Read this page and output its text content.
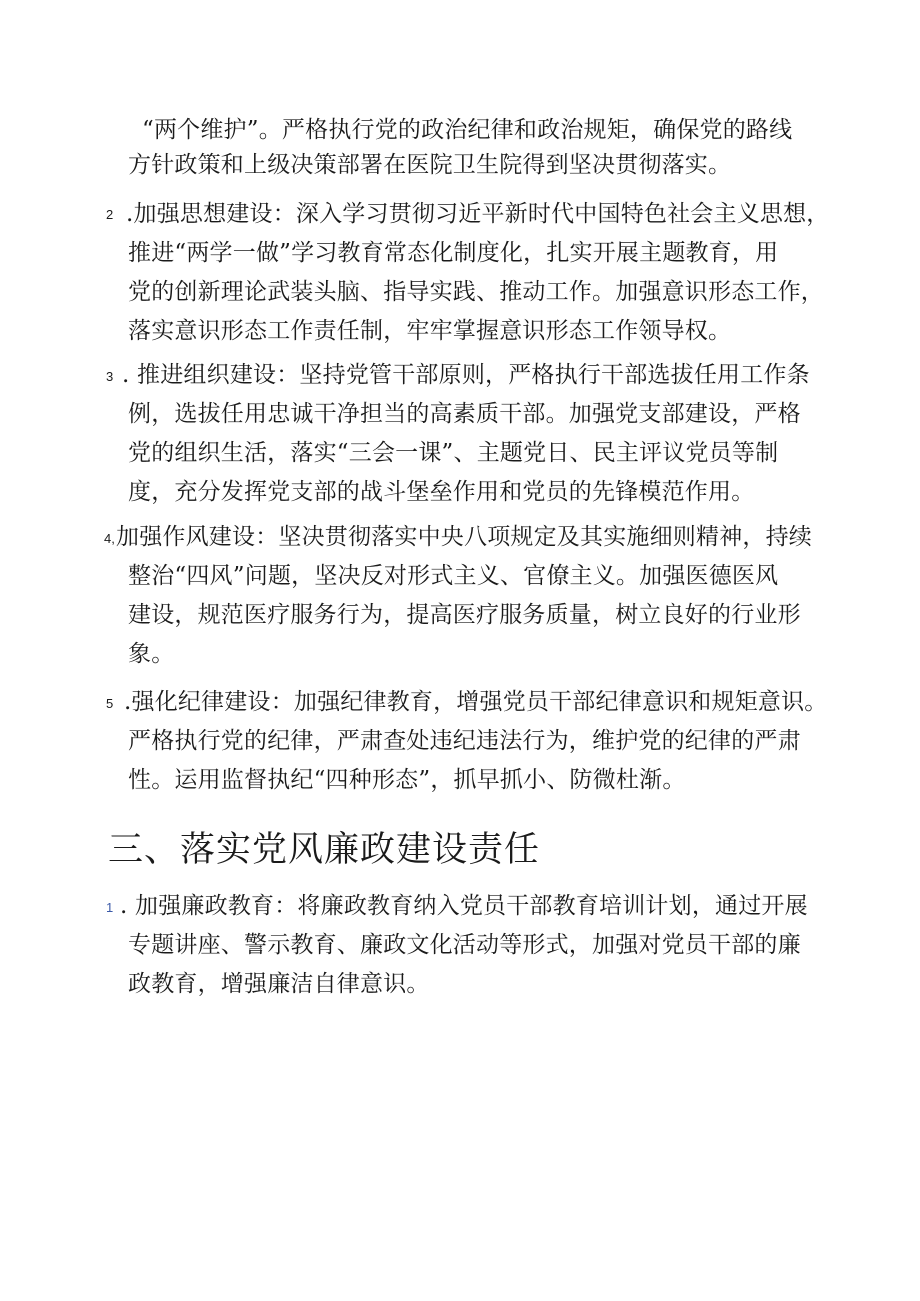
“两个维护”。严格执行党的政治纪律和政治规矩，确保党的路线
方针政策和上级决策部署在医院卫生院得到坚决贯彻落实。
2 .加强思想建设：深入学习贯彻习近平新时代中国特色社会主义思想，
推进“两学一做”学习教育常态化制度化，扎实开展主题教育，用
党的创新理论武装头脑、指导实践、推动工作。加强意识形态工作，
落实意识形态工作责任制，牢牢掌握意识形态工作领导权。
3 . 推进组织建设：坚持党管干部原则，严格执行干部选拔任用工作条
例，选拔任用忠诚干净担当的高素质干部。加强党支部建设，严格
党的组织生活，落实“三会一课”、主题党日、民主评议党员等制
度，充分发挥党支部的战斗堡垒作用和党员的先锋模范作用。
4, 加强作风建设：坚决贯彻落实中央八项规定及其实施细则精神，持续
整治“四风”问题，坚决反对形式主义、官僚主义。加强医德医风
建设，规范医疗服务行为，提高医疗服务质量，树立良好的行业形
象。
5 .强化纪律建设：加强纪律教育，增强党员干部纪律意识和规矩意识。
严格执行党的纪律，严肃查处违纪违法行为，维护党的纪律的严肃
性。运用监督执纪“四种形态”，抓早抓小、防微杜渐。
三、落实党风廉政建设责任
1 . 加强廉政教育：将廉政教育纳入党员干部教育培训计划，通过开展
专题讲座、警示教育、廉政文化活动等形式，加强对党员干部的廉
政教育，增强廉洁自律意识。
